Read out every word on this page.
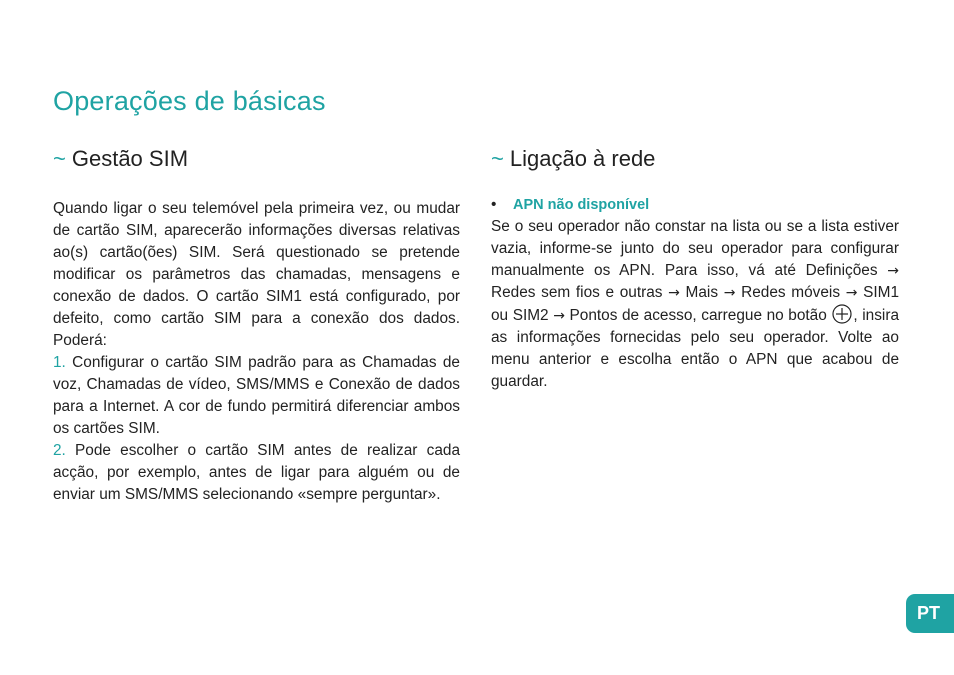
Operações de básicas
~ Gestão SIM	~ Ligação à rede

Quando ligar o seu telemóvel pela primeira vez, ou mudar de cartão SIM, aparecerão informações diversas relativas ao(s) cartão(ões) SIM. Será questionado se pretende modificar os parâmetros das chamadas, mensagens e conexão de dados. O cartão SIM1 está configurado, por defeito, como cartão SIM para a conexão dos dados. Poderá:

1. Configurar o cartão SIM padrão para as Chamadas de voz, Chamadas de vídeo, SMS/MMS e Conexão de dados para a Internet. A cor de fundo permitirá diferenciar ambos os cartões SIM.

2. Pode escolher o cartão SIM antes de realizar cada acção, por exemplo, antes de ligar para alguém ou de enviar um SMS/MMS selecionando «sempre perguntar».

• APN não disponível

Se o seu operador não constar na lista ou se a lista estiver vazia, informe-se junto do seu operador para configurar manualmente os APN. Para isso, vá até Definições → Redes sem fios e outras → Mais → Redes móveis → SIM1 ou SIM2 → Pontos de acesso, carregue no botão , insira as informações fornecidas pelo seu operador. Volte ao menu anterior e escolha então o APN que acabou de guardar.

PT
